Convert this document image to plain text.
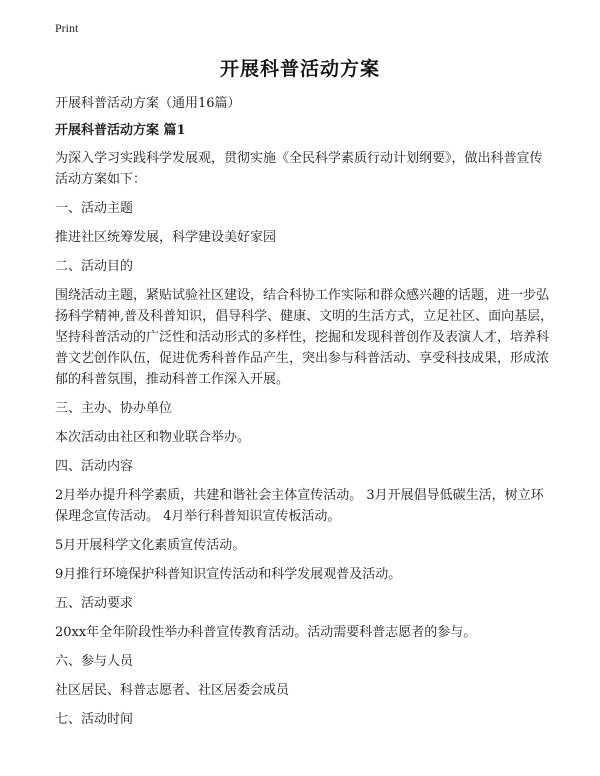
Print
开展科普活动方案

开展科普活动方案（通用16篇）

开展科普活动方案 篇1

为深入学习实践科学发展观，贯彻实施《全民科学素质行动计划纲要》，做出科普宣传活动方案如下：

一、活动主题

推进社区统筹发展，科学建设美好家园

二、活动目的

围绕活动主题，紧贴试验社区建设，结合科协工作实际和群众感兴趣的话题，进一步弘扬科学精神,普及科普知识，倡导科学、健康、文明的生活方式，立足社区、面向基层，坚持科普活动的广泛性和活动形式的多样性，挖掘和发现科普创作及表演人才，培养科普文艺创作队伍，促进优秀科普作品产生，突出参与科普活动、享受科技成果，形成浓郁的科普氛围，推动科普工作深入开展。

三、主办、协办单位

本次活动由社区和物业联合举办。

四、活动内容

2月举办提升科学素质，共建和谐社会主体宣传活动。 3月开展倡导低碳生活，树立环保理念宣传活动。 4月举行科普知识宣传板活动。

5月开展科学文化素质宣传活动。

9月推行环境保护科普知识宣传活动和科学发展观普及活动。

五、活动要求

20xx年全年阶段性举办科普宣传教育活动。活动需要科普志愿者的参与。

六、参与人员

社区居民、科普志愿者、社区居委会成员

七、活动时间
